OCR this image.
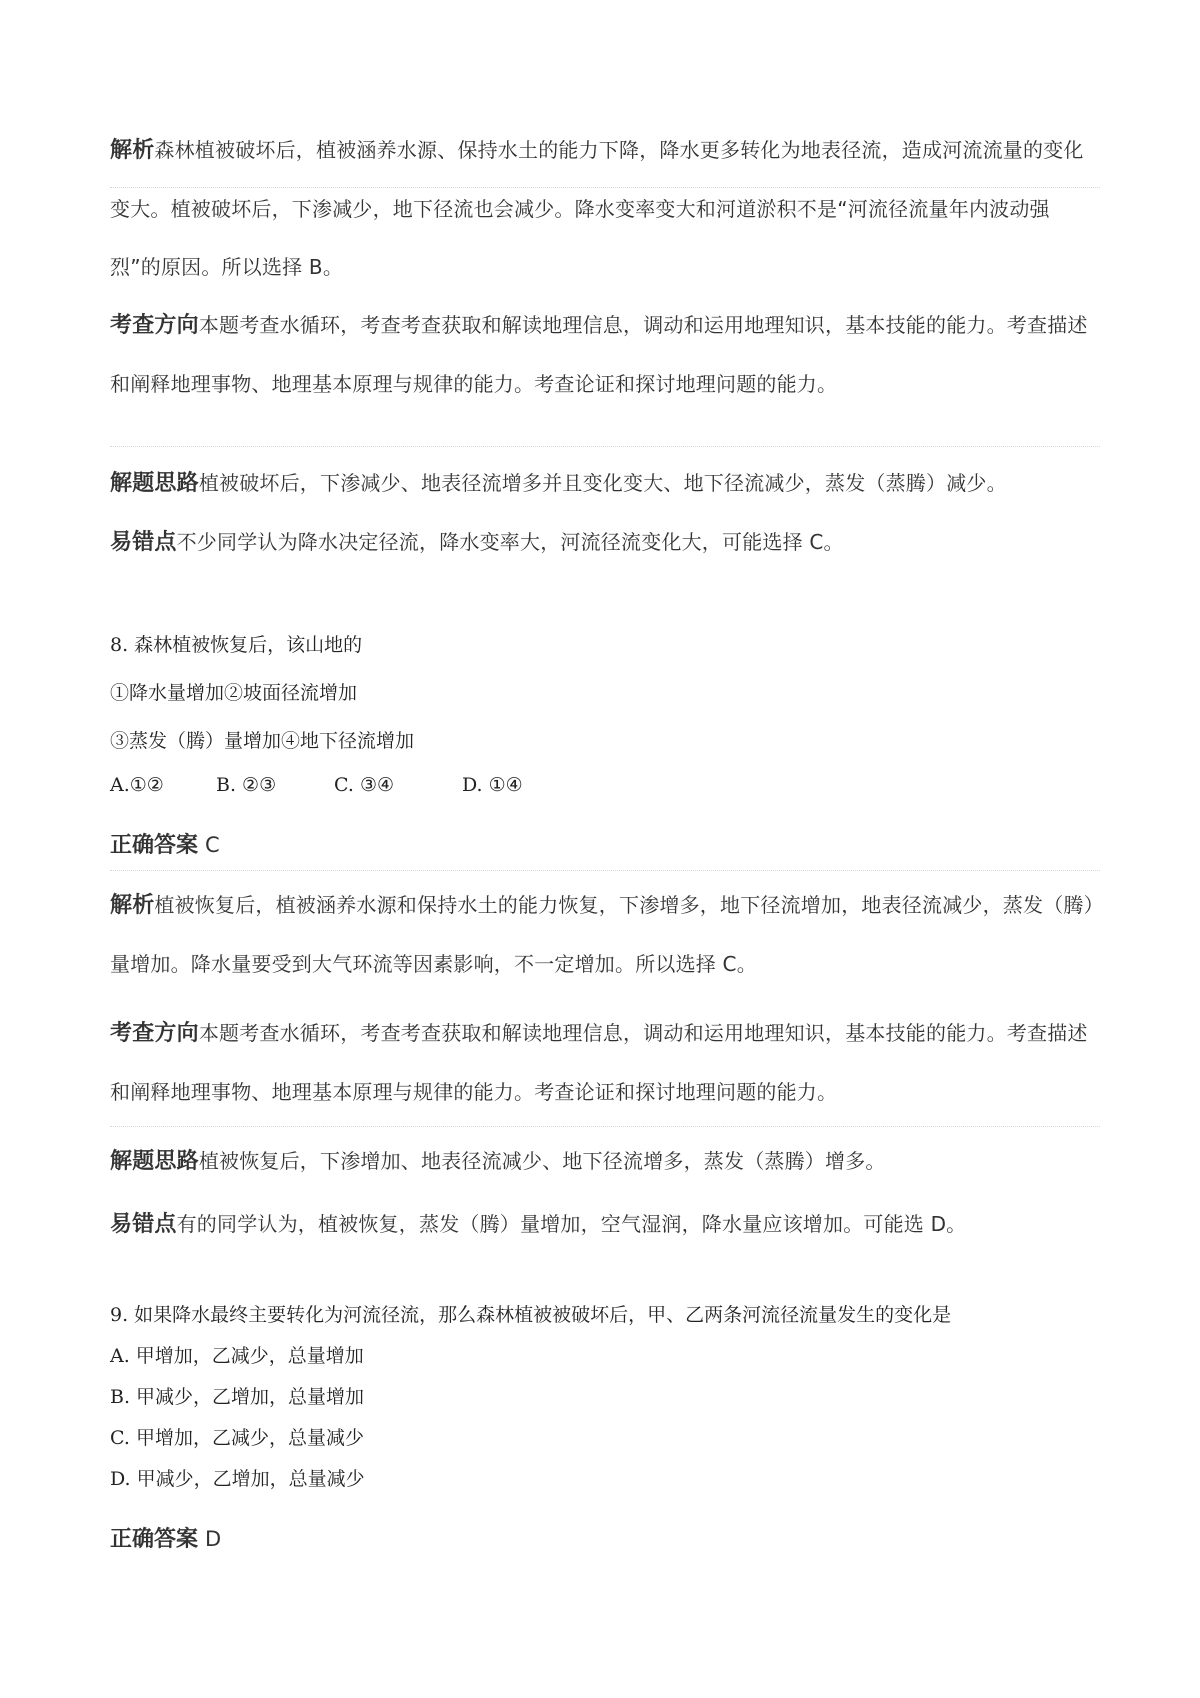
解析森林植被破坏后，植被涵养水源、保持水土的能力下降，降水更多转化为地表径流，造成河流流量的变化变大。植被破坏后，下渗减少，地下径流也会减少。降水变率变大和河道淤积不是“河流径流量年内波动强烈”的原因。所以选择 B。
考查方向本题考查水循环，考查考查获取和解读地理信息，调动和运用地理知识，基本技能的能力。考查描述和阐释地理事物、地理基本原理与规律的能力。考查论证和探讨地理问题的能力。
解题思路植被破坏后，下渗减少、地表径流增多并且变化变大、地下径流减少，蒸发（蒸腾）减少。
易错点不少同学认为降水决定径流，降水变率大，河流径流变化大，可能选择 C。
8. 森林植被恢复后，该山地的
①降水量增加②坡面径流增加
③蒸发（腾）量增加④地下径流增加
A.①②	B. ②③	C. ③④	D. ①④
正确答案 C
解析植被恢复后，植被涵养水源和保持水土的能力恢复，下渗增多，地下径流增加，地表径流减少，蒸发（腾）量增加。降水量要受到大气环流等因素影响，不一定增加。所以选择 C。
考查方向本题考查水循环，考查考查获取和解读地理信息，调动和运用地理知识，基本技能的能力。考查描述和阐释地理事物、地理基本原理与规律的能力。考查论证和探讨地理问题的能力。
解题思路植被恢复后，下渗增加、地表径流减少、地下径流增多，蒸发（蒸腾）增多。
易错点有的同学认为，植被恢复，蒸发（腾）量增加，空气湿润，降水量应该增加。可能选 D。
9. 如果降水最终主要转化为河流径流，那么森林植被被破坏后，甲、乙两条河流径流量发生的变化是
A. 甲增加，乙减少，总量增加
B. 甲减少，乙增加，总量增加
C. 甲增加，乙减少，总量减少
D. 甲减少，乙增加，总量减少
正确答案 D
